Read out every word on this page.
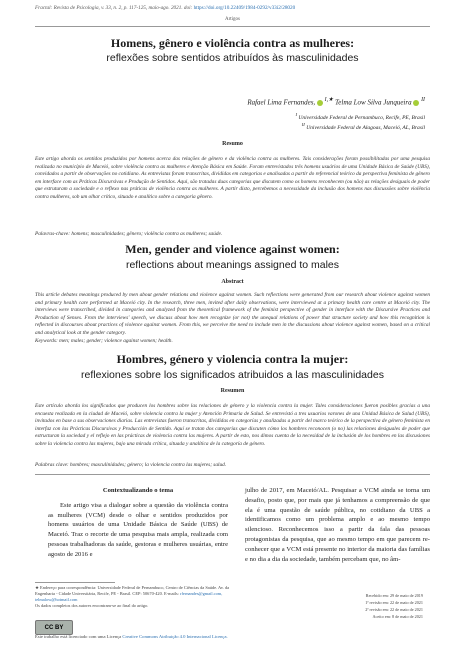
Fractal: Revista de Psicologia, v. 33, n. 2, p. 117-125, maio-ago. 2021. doi: https://doi.org/10.22409/1984-0292/v33i2/28020
Artigos
Homens, gênero e violência contra as mulheres:
reflexões sobre sentidos atribuídos às masculinidades
Rafael Lima Fernandes, $^{I,★}$ Telma Low Silva Junqueira $^{II}$
$^I$ Universidade Federal de Pernambuco, Recife, PE, Brasil
$^{II}$ Universidade Federal de Alagoas, Maceió, AL, Brasil
Resumo
Este artigo aborda os sentidos produzidos por homens acerca das relações de gênero e da violência contra as mulheres. Tais considerações foram possibilitadas por uma pesquisa realizada no município de Maceió, sobre violência contra as mulheres e Atenção Básica em Saúde. Foram entrevistados três homens usuários de uma Unidade Básica de Saúde (UBS), convidados a partir de observações no cotidiano. As entrevistas foram transcritas, divididas em categorias e analisadas a partir do referencial teórico da perspectiva feminista de gênero em interface com as Práticas Discursivas e Produção de Sentidos. Aqui, são tratadas duas categorias que discutem como os homens reconhecem (ou não) as relações desiguais de poder que estruturam a sociedade e o reflexo nas práticas de violência contra as mulheres. A partir disto, percebemos a necessidade da inclusão dos homens nas discussões sobre violência contra mulheres, sob um olhar crítico, situado e analítico sobre a categoria gênero.
Palavras-chave: homens; masculinidades; gênero; violência contra as mulheres; saúde.
Men, gender and violence against women:
reflections about meanings assigned to males
Abstract
This article debates meanings produced by men about gender relations and violence against women. Such reflections were generated from our research about violence against women and primary health care performed at Maceió city. In the research, three men, invited after daily observations, were interviewed at a primary health care centre at Maceió city. The interviews were transcribed, divided in categories and analyzed from the theoretical framework of the feminist perspective of gender in interface with the Discursive Practices and Production of Senses. From the interviews' speech, we discuss about how men recognize (or not) the unequal relations of power that structure society and how this recognition is reflected in discourses about practices of violence against women. From this, we perceive the need to include men in the discussions about violence against women, based on a critical and analytical look at the gender category.
Keywords: men; males; gender; violence against women; health.
Hombres, género y violencia contra la mujer:
reflexiones sobre los significados atribuidos a las masculinidades
Resumen
Este artículo aborda los significados que producen los hombres sobre las relaciones de género y la violencia contra la mujer. Tales consideraciones fueron posibles gracias a una encuesta realizada en la ciudad de Maceió, sobre violencia contra la mujer y Atención Primaria de Salud. Se entrevistó a tres usuarios varones de una Unidad Básica de Salud (UBS), invitados en base a sus observaciones diarias. Las entrevistas fueron transcritas, divididas en categorías y analizadas a partir del marco teórico de la perspectiva de género feminista en interfaz con las Prácticas Discursivas y Producción de Sentido. Aquí se tratan dos categorías que discuten cómo los hombres reconocen (o no) las relaciones desiguales de poder que estructuran la sociedad y el reflejo en las prácticas de violencia contra las mujeres. A partir de esto, nos dimos cuenta de la necesidad de la inclusión de los hombres en las discusiones sobre la violencia contra las mujeres, bajo una mirada crítica, situada y analítica de la categoría de género.
Palabras clave: hombres; masculinidades; género; la violencia contra las mujeres; salud.
Contextualizando o tema
Este artigo visa a dialogar sobre a questão da violência contra as mulheres (VCM) desde o olhar e sentidos produzidos por homens usuários de uma Unidade Básica de Saúde (UBS) de Maceió. Traz o recorte de uma pesquisa mais ampla, realizada com pessoas trabalhadoras da saúde, gestoras e mulheres usuárias, entre agosto de 2016 e
julho de 2017, em Maceió/AL. Pesquisar a VCM ainda se torna um desafio, posto que, por mais que já tenhamos a compreensão de que ela é uma questão de saúde pública, no cotidiano da UBS a identificamos como um problema amplo e ao mesmo tempo silencioso. Reconhecemos isso a partir da fala das pessoas protagonistas da pesquisa, que ao mesmo tempo em que parecem re-conhecer que a VCM está presente no interior da maioria das famílias e no dia a dia da sociedade, também percebam que, no âm-
★ Endereço para correspondência: Universidade Federal de Pernambuco, Centro de Ciências da Saúde. Av. da Engenharia - Cidade Universitária, Recife, PE - Brasil. CEP: 50670-420. E-mails: rfernandes@gmail.com, telmalow@hotmail.com
Os dados completos dos autores encontram-se ao final do artigo.
Recebido em: 29 de maio de 2019
1ª revisão em: 22 de maio de 2021
2ª revisão em: 22 de maio de 2021
Aceito em: 8 de maio de 2021
CC BY
Este trabalho está licenciado com uma Licença Creative Commons Atribuição 4.0 Internacional Licença.
